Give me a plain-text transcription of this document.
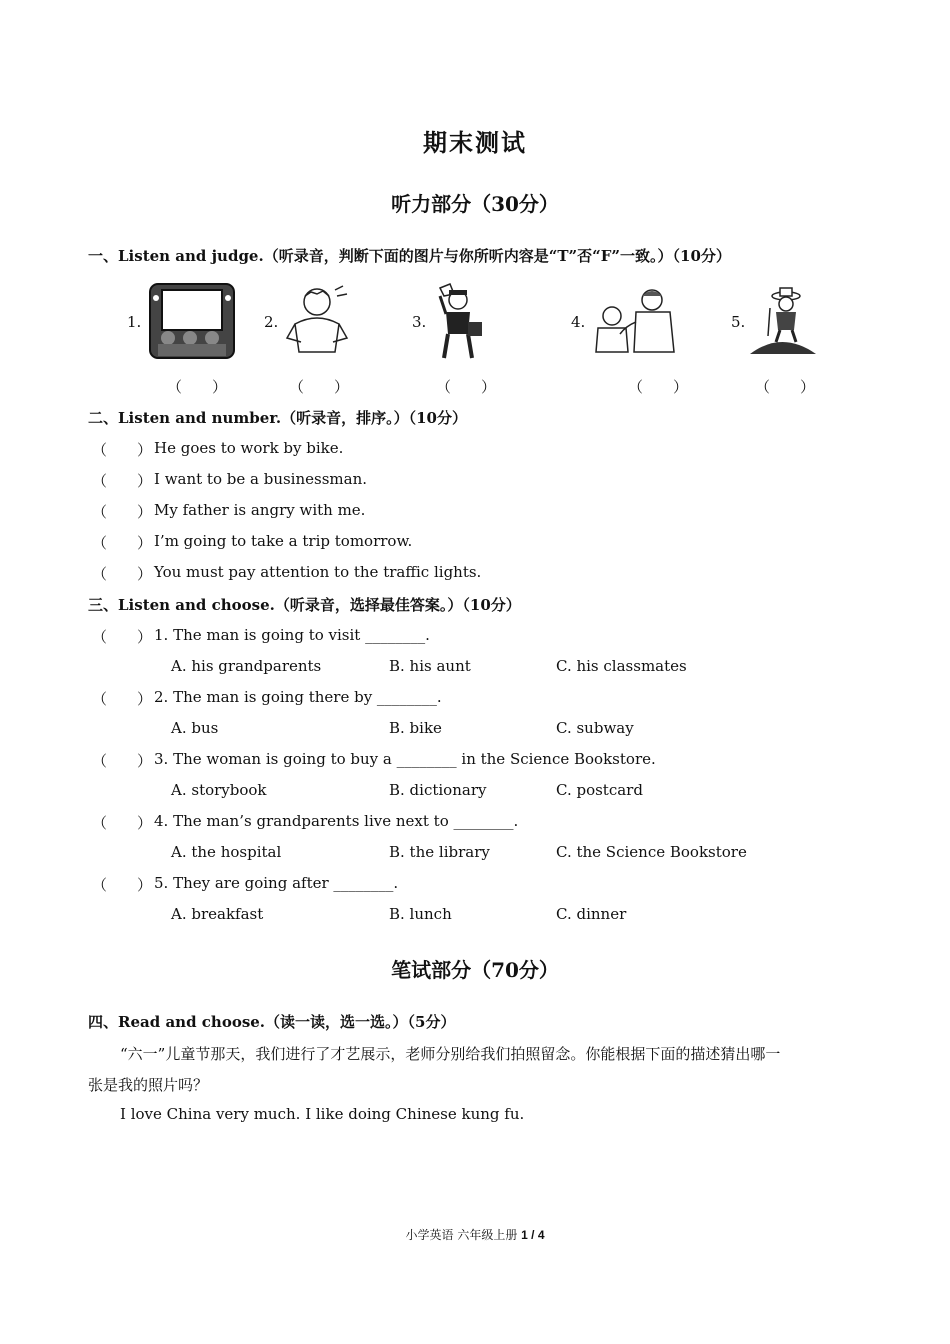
期末测试
听力部分（30分）
一、Listen and judge.（听录音，判断下面的图片与你所听内容是“T”否“F”一致。）（10分）
1.	2.	3.	4.	5.
（　　）	（　　）	（　　）	（　　）	（　　）
二、Listen and number.（听录音，排序。）（10分）
（　　） He goes to work by bike.
（　　） I want to be a businessman.
（　　） My father is angry with me.
（　　） I’m going to take a trip tomorrow.
（　　） You must pay attention to the traffic lights.
三、Listen and choose.（听录音，选择最佳答案。）（10分）
（　　） 1. The man is going to visit ________.
A. his grandparents	B. his aunt	C. his classmates
（　　） 2. The man is going there by ________.
A. bus	B. bike	C. subway
（　　） 3. The woman is going to buy a ________ in the Science Bookstore.
A. storybook	B. dictionary	C. postcard
（　　） 4. The man’s grandparents live next to ________.
A. the hospital	B. the library	C. the Science Bookstore
（　　） 5. They are going after ________.
A. breakfast	B. lunch	C. dinner
笔试部分（70分）
四、Read and choose.（读一读，选一选。）（5分）
“六一”儿童节那天，我们进行了才艺展示，老师分别给我们拍照留念。你能根据下面的描述猜出哪一
张是我的照片吗？
I love China very much. I like doing Chinese kung fu.
小学英语 六年级上册 1 / 4
